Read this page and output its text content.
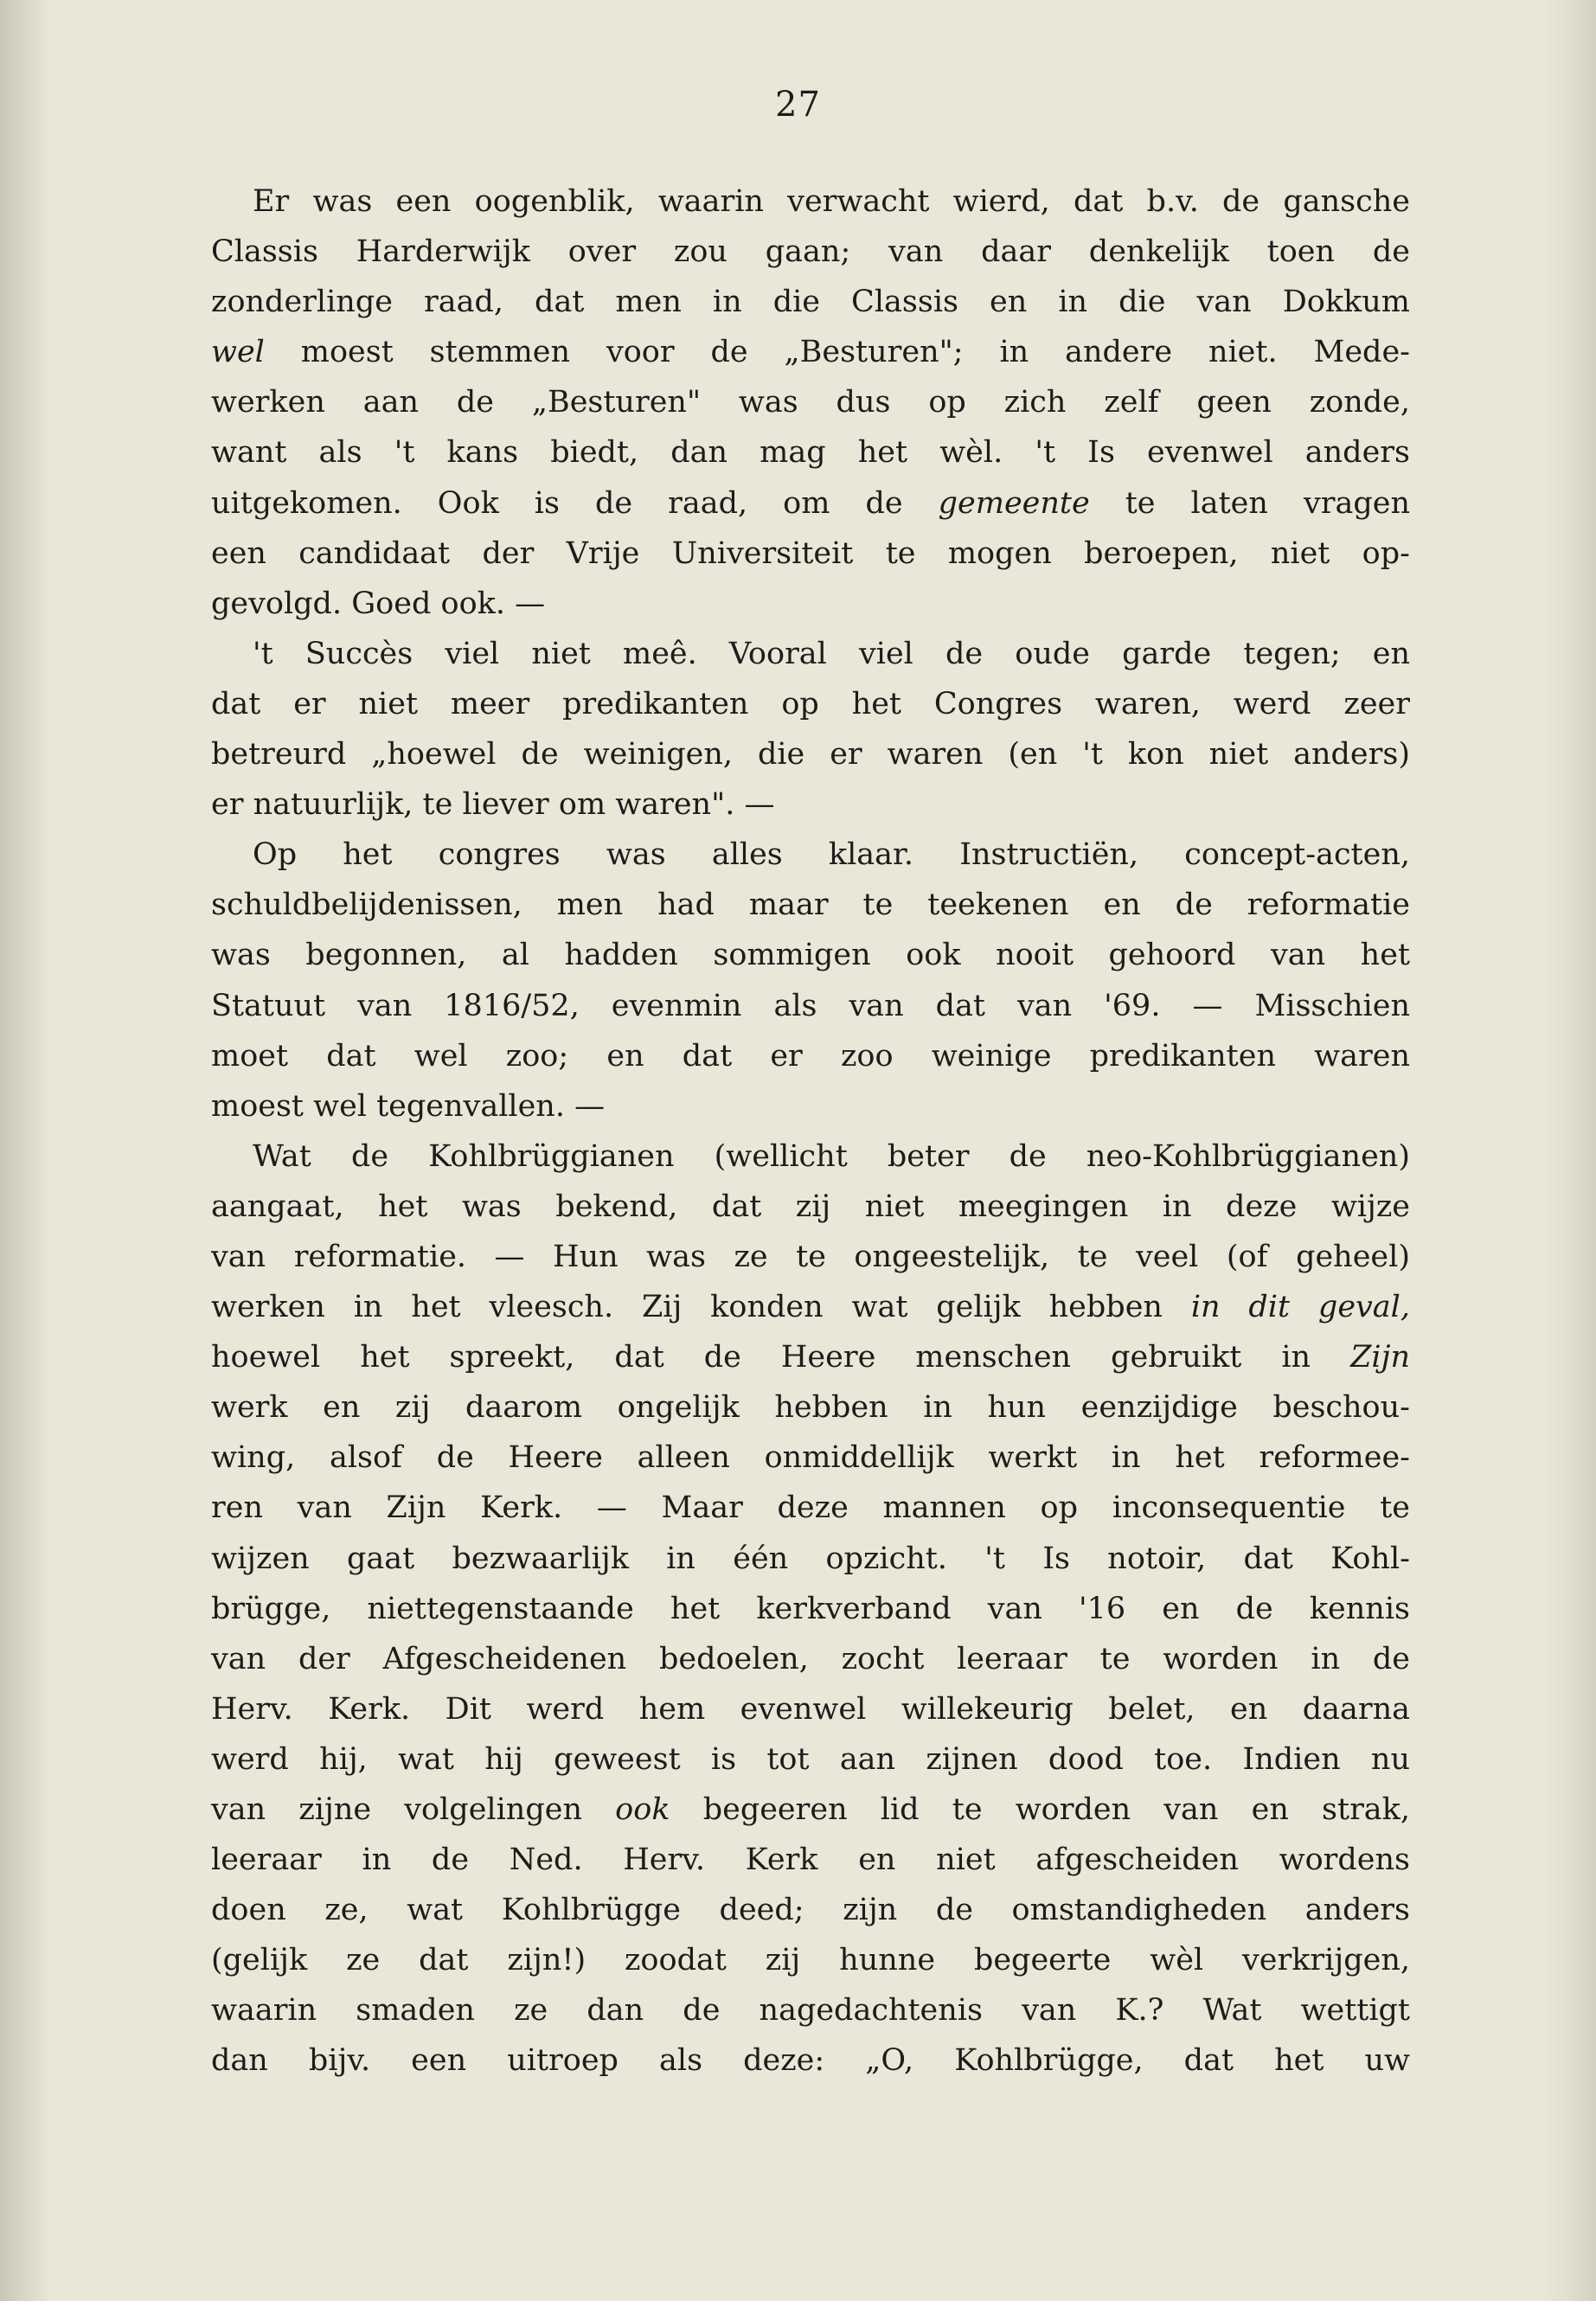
27
Er was een oogenblik, waarin verwacht wierd, dat b.v. de gansche
Classis Harderwijk over zou gaan; van daar denkelijk toen de
zonderlinge raad, dat men in die Classis en in die van Dokkum
wel moest stemmen voor de „Besturen"; in andere niet. Mede-
werken aan de „Besturen" was dus op zich zelf geen zonde,
want als 't kans biedt, dan mag het wèl. 't Is evenwel anders
uitgekomen. Ook is de raad, om de gemeente te laten vragen
een candidaat der Vrije Universiteit te mogen beroepen, niet op-
gevolgd. Goed ook. —
't Succès viel niet meê. Vooral viel de oude garde tegen; en
dat er niet meer predikanten op het Congres waren, werd zeer
betreurd „hoewel de weinigen, die er waren (en 't kon niet anders)
er natuurlijk, te liever om waren". —
Op het congres was alles klaar. Instructiën, concept-acten,
schuldbelijdenissen, men had maar te teekenen en de reformatie
was begonnen, al hadden sommigen ook nooit gehoord van het
Statuut van 1816/52, evenmin als van dat van '69. — Misschien
moet dat wel zoo; en dat er zoo weinige predikanten waren
moest wel tegenvallen. —
Wat de Kohlbrüggianen (wellicht beter de neo-Kohlbrüggianen)
aangaat, het was bekend, dat zij niet meegingen in deze wijze
van reformatie. — Hun was ze te ongeestelijk, te veel (of geheel)
werken in het vleesch. Zij konden wat gelijk hebben in dit geval,
hoewel het spreekt, dat de Heere menschen gebruikt in Zijn
werk en zij daarom ongelijk hebben in hun eenzijdige beschou-
wing, alsof de Heere alleen onmiddellijk werkt in het reformee-
ren van Zijn Kerk. — Maar deze mannen op inconsequentie te
wijzen gaat bezwaarlijk in één opzicht. 't Is notoir, dat Kohl-
brügge, niettegenstaande het kerkverband van '16 en de kennis
van der Afgescheidenen bedoelen, zocht leeraar te worden in de
Herv. Kerk. Dit werd hem evenwel willekeurig belet, en daarna
werd hij, wat hij geweest is tot aan zijnen dood toe. Indien nu
van zijne volgelingen ook begeeren lid te worden van en strak,
leeraar in de Ned. Herv. Kerk en niet afgescheiden wordens
doen ze, wat Kohlbrügge deed; zijn de omstandigheden anders
(gelijk ze dat zijn!) zoodat zij hunne begeerte wèl verkrijgen,
waarin smaden ze dan de nagedachtenis van K.? Wat wettigt
dan bijv. een uitroep als deze: „O, Kohlbrügge, dat het uw
